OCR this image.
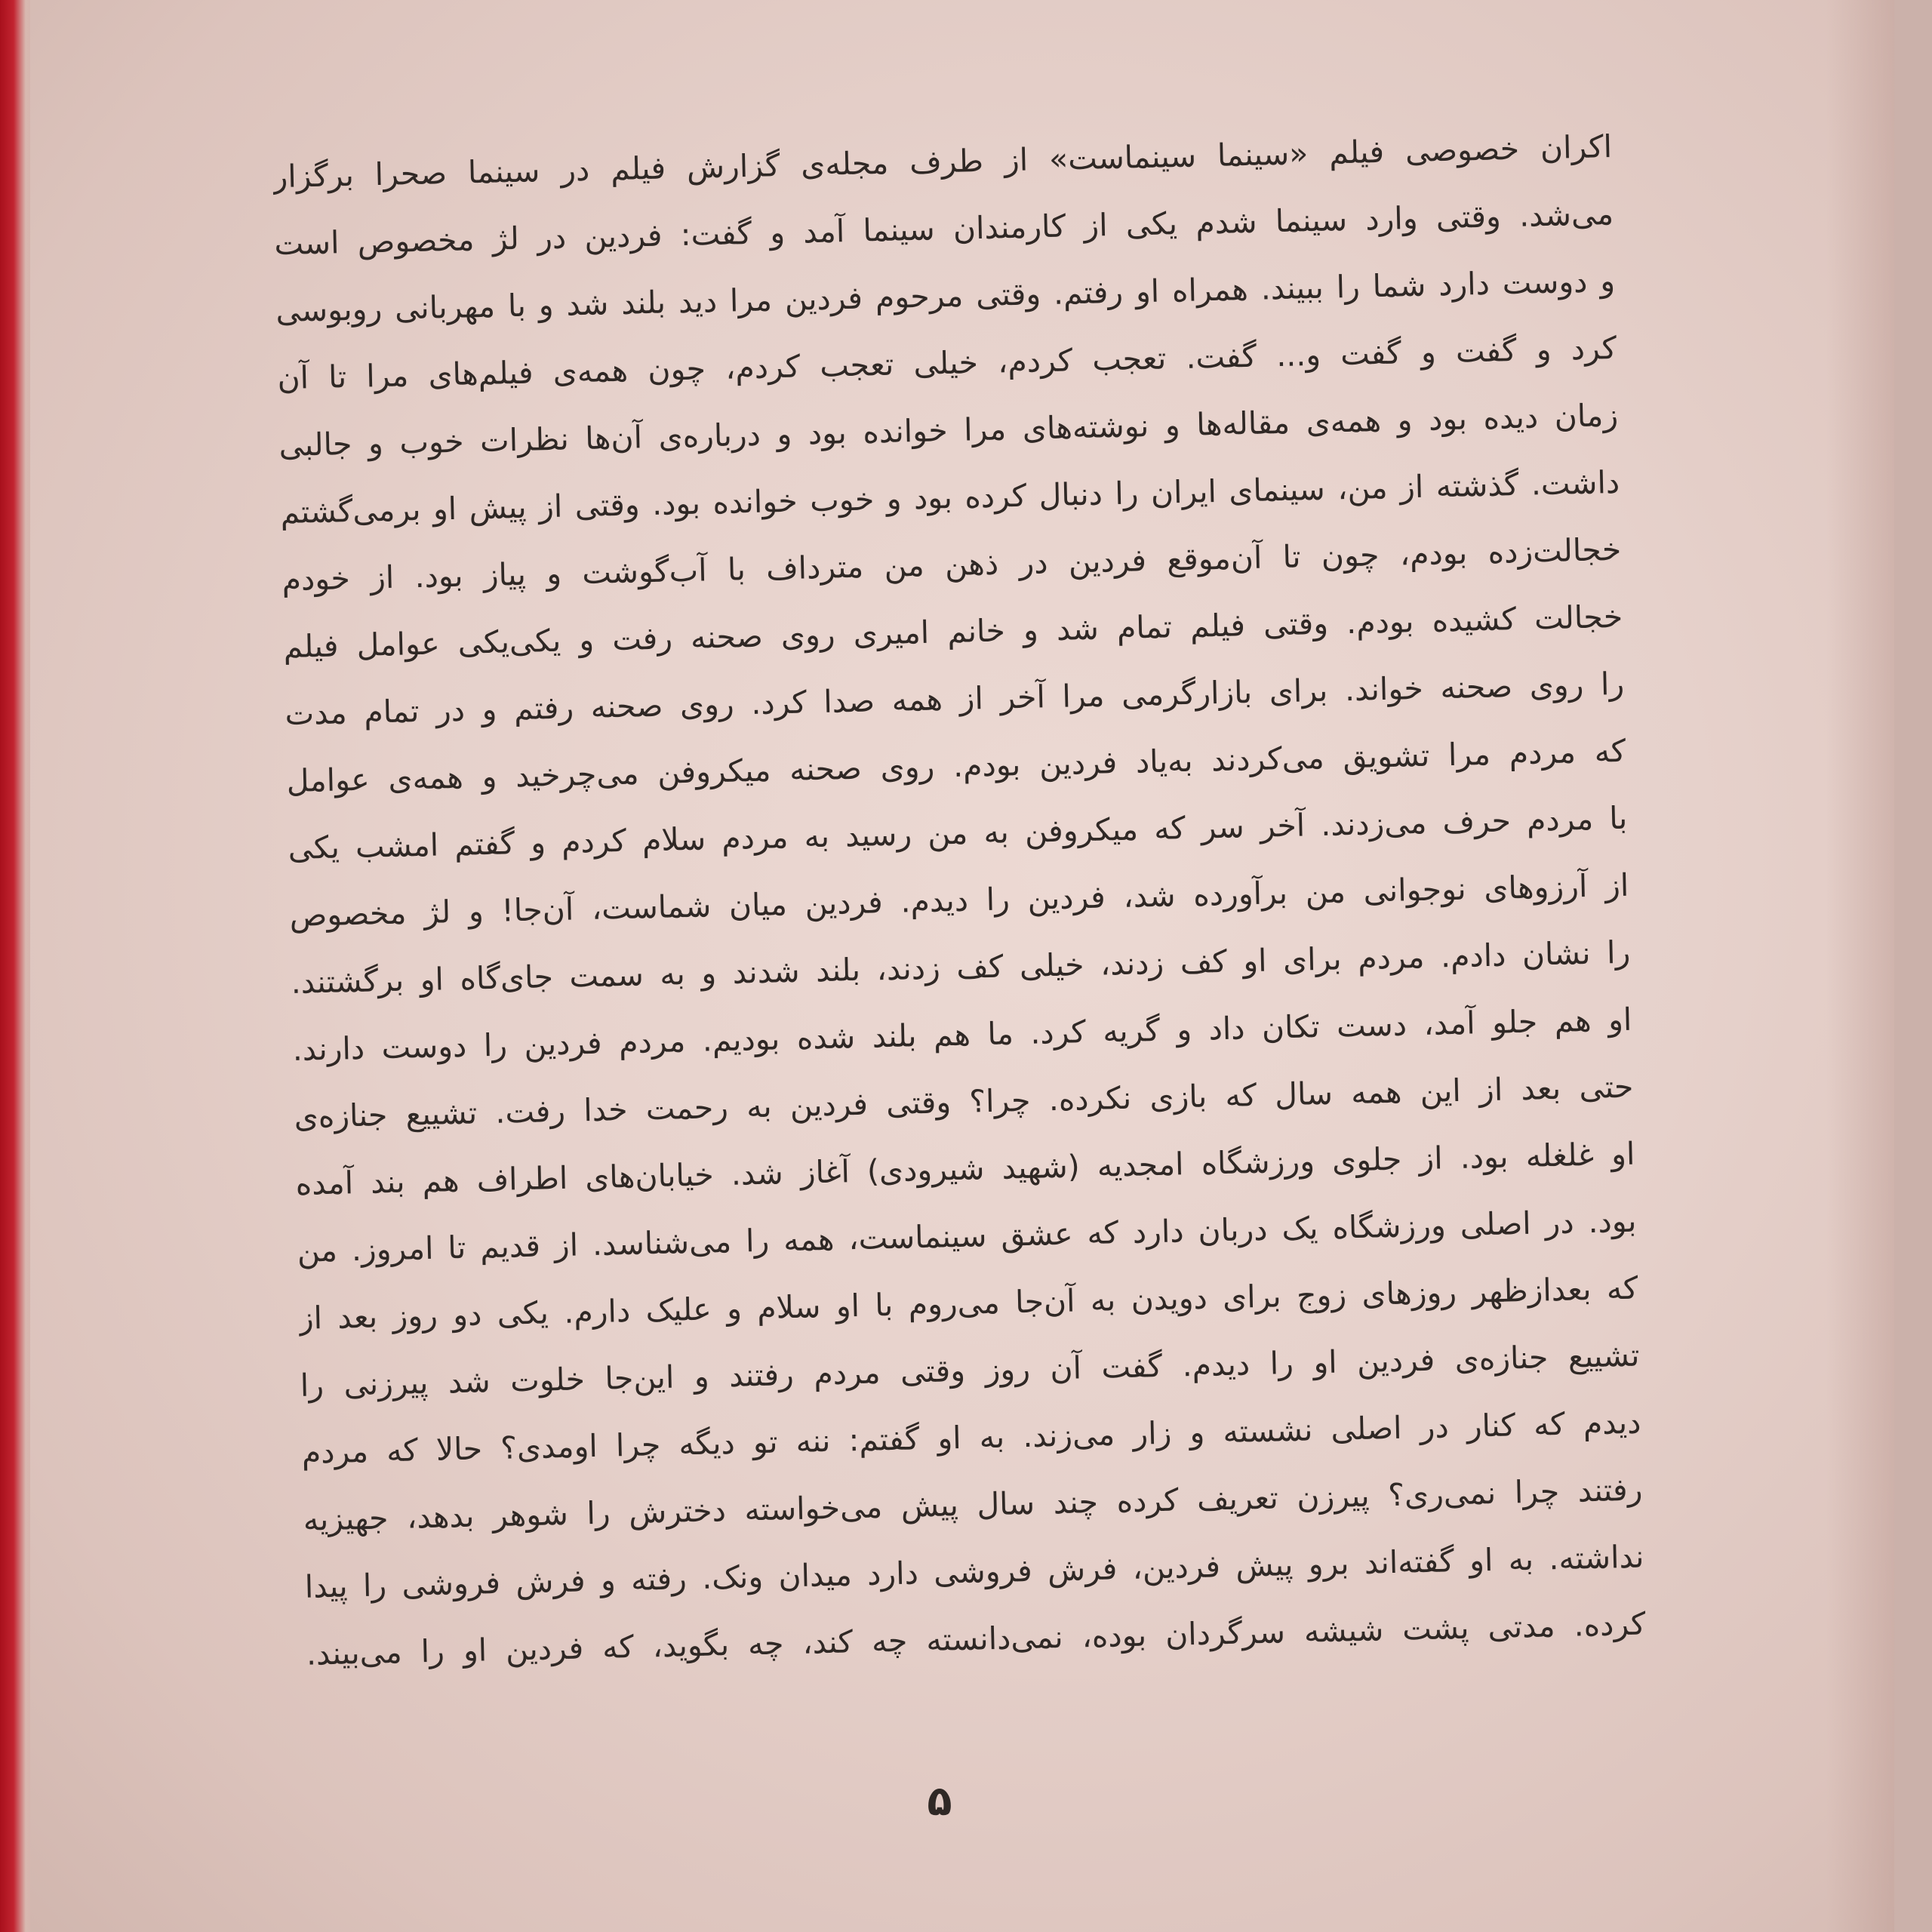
اکران خصوصی فیلم «سینما سینماست» از طرف مجله‌ی گزارش فیلم در سینما صحرا برگزار
می‌شد. وقتی وارد سینما شدم یکی از کارمندان سینما آمد و گفت: فردین در لژ مخصوص است
و دوست دارد شما را ببیند. همراه او رفتم. وقتی مرحوم فردین مرا دید بلند شد و با مهربانی روبوسی
کرد و گفت و گفت و... گفت. تعجب کردم، خیلی تعجب کردم، چون همه‌ی فیلم‌های مرا تا آن
زمان دیده بود و همه‌ی مقاله‌ها و نوشته‌های مرا خوانده بود و درباره‌ی آن‌ها نظرات خوب و جالبی
داشت. گذشته از من، سینمای ایران را دنبال کرده بود و خوب خوانده بود. وقتی از پیش او برمی‌گشتم
خجالت‌زده بودم، چون تا آن‌موقع فردین در ذهن من مترداف با آب‌گوشت و پیاز بود. از خودم
خجالت کشیده بودم. وقتی فیلم تمام شد و خانم امیری روی صحنه رفت و یکی‌یکی عوامل فیلم
را روی صحنه خواند. برای بازارگرمی مرا آخر از همه صدا کرد. روی صحنه رفتم و در تمام مدت
که مردم مرا تشویق می‌کردند به‌یاد فردین بودم. روی صحنه میکروفن می‌چرخید و همه‌ی عوامل
با مردم حرف می‌زدند. آخر سر که میکروفن به من رسید به مردم سلام کردم و گفتم امشب یکی
از آرزوهای نوجوانی من برآورده شد، فردین را دیدم. فردین میان شماست، آن‌جا! و لژ مخصوص
را نشان دادم. مردم برای او کف زدند، خیلی کف زدند، بلند شدند و به سمت جای‌گاه او برگشتند.
او هم جلو آمد، دست تکان داد و گریه کرد. ما هم بلند شده بودیم. مردم فردین را دوست دارند.
حتی بعد از این همه سال که بازی نکرده. چرا؟ وقتی فردین به رحمت خدا رفت. تشییع جنازه‌ی
او غلغله بود. از جلوی ورزشگاه امجدیه (شهید شیرودی) آغاز شد. خیابان‌های اطراف هم بند آمده
بود. در اصلی ورزشگاه یک دربان دارد که عشق سینماست، همه را می‌شناسد. از قدیم تا امروز. من
که بعدازظهر روزهای زوج برای دویدن به آن‌جا می‌روم با او سلام و علیک دارم. یکی دو روز بعد از
تشییع جنازه‌ی فردین او را دیدم. گفت آن روز وقتی مردم رفتند و این‌جا خلوت شد پیرزنی را
دیدم که کنار در اصلی نشسته و زار می‌زند. به او گفتم: ننه تو دیگه چرا اومدی؟ حالا که مردم
رفتند چرا نمی‌ری؟ پیرزن تعریف کرده چند سال پیش می‌خواسته دخترش را شوهر بدهد، جهیزیه
نداشته. به او گفته‌اند برو پیش فردین، فرش فروشی دارد میدان ونک. رفته و فرش فروشی را پیدا
کرده. مدتی پشت شیشه سرگردان بوده، نمی‌دانسته چه کند، چه بگوید، که فردین او را می‌بیند.
۵
